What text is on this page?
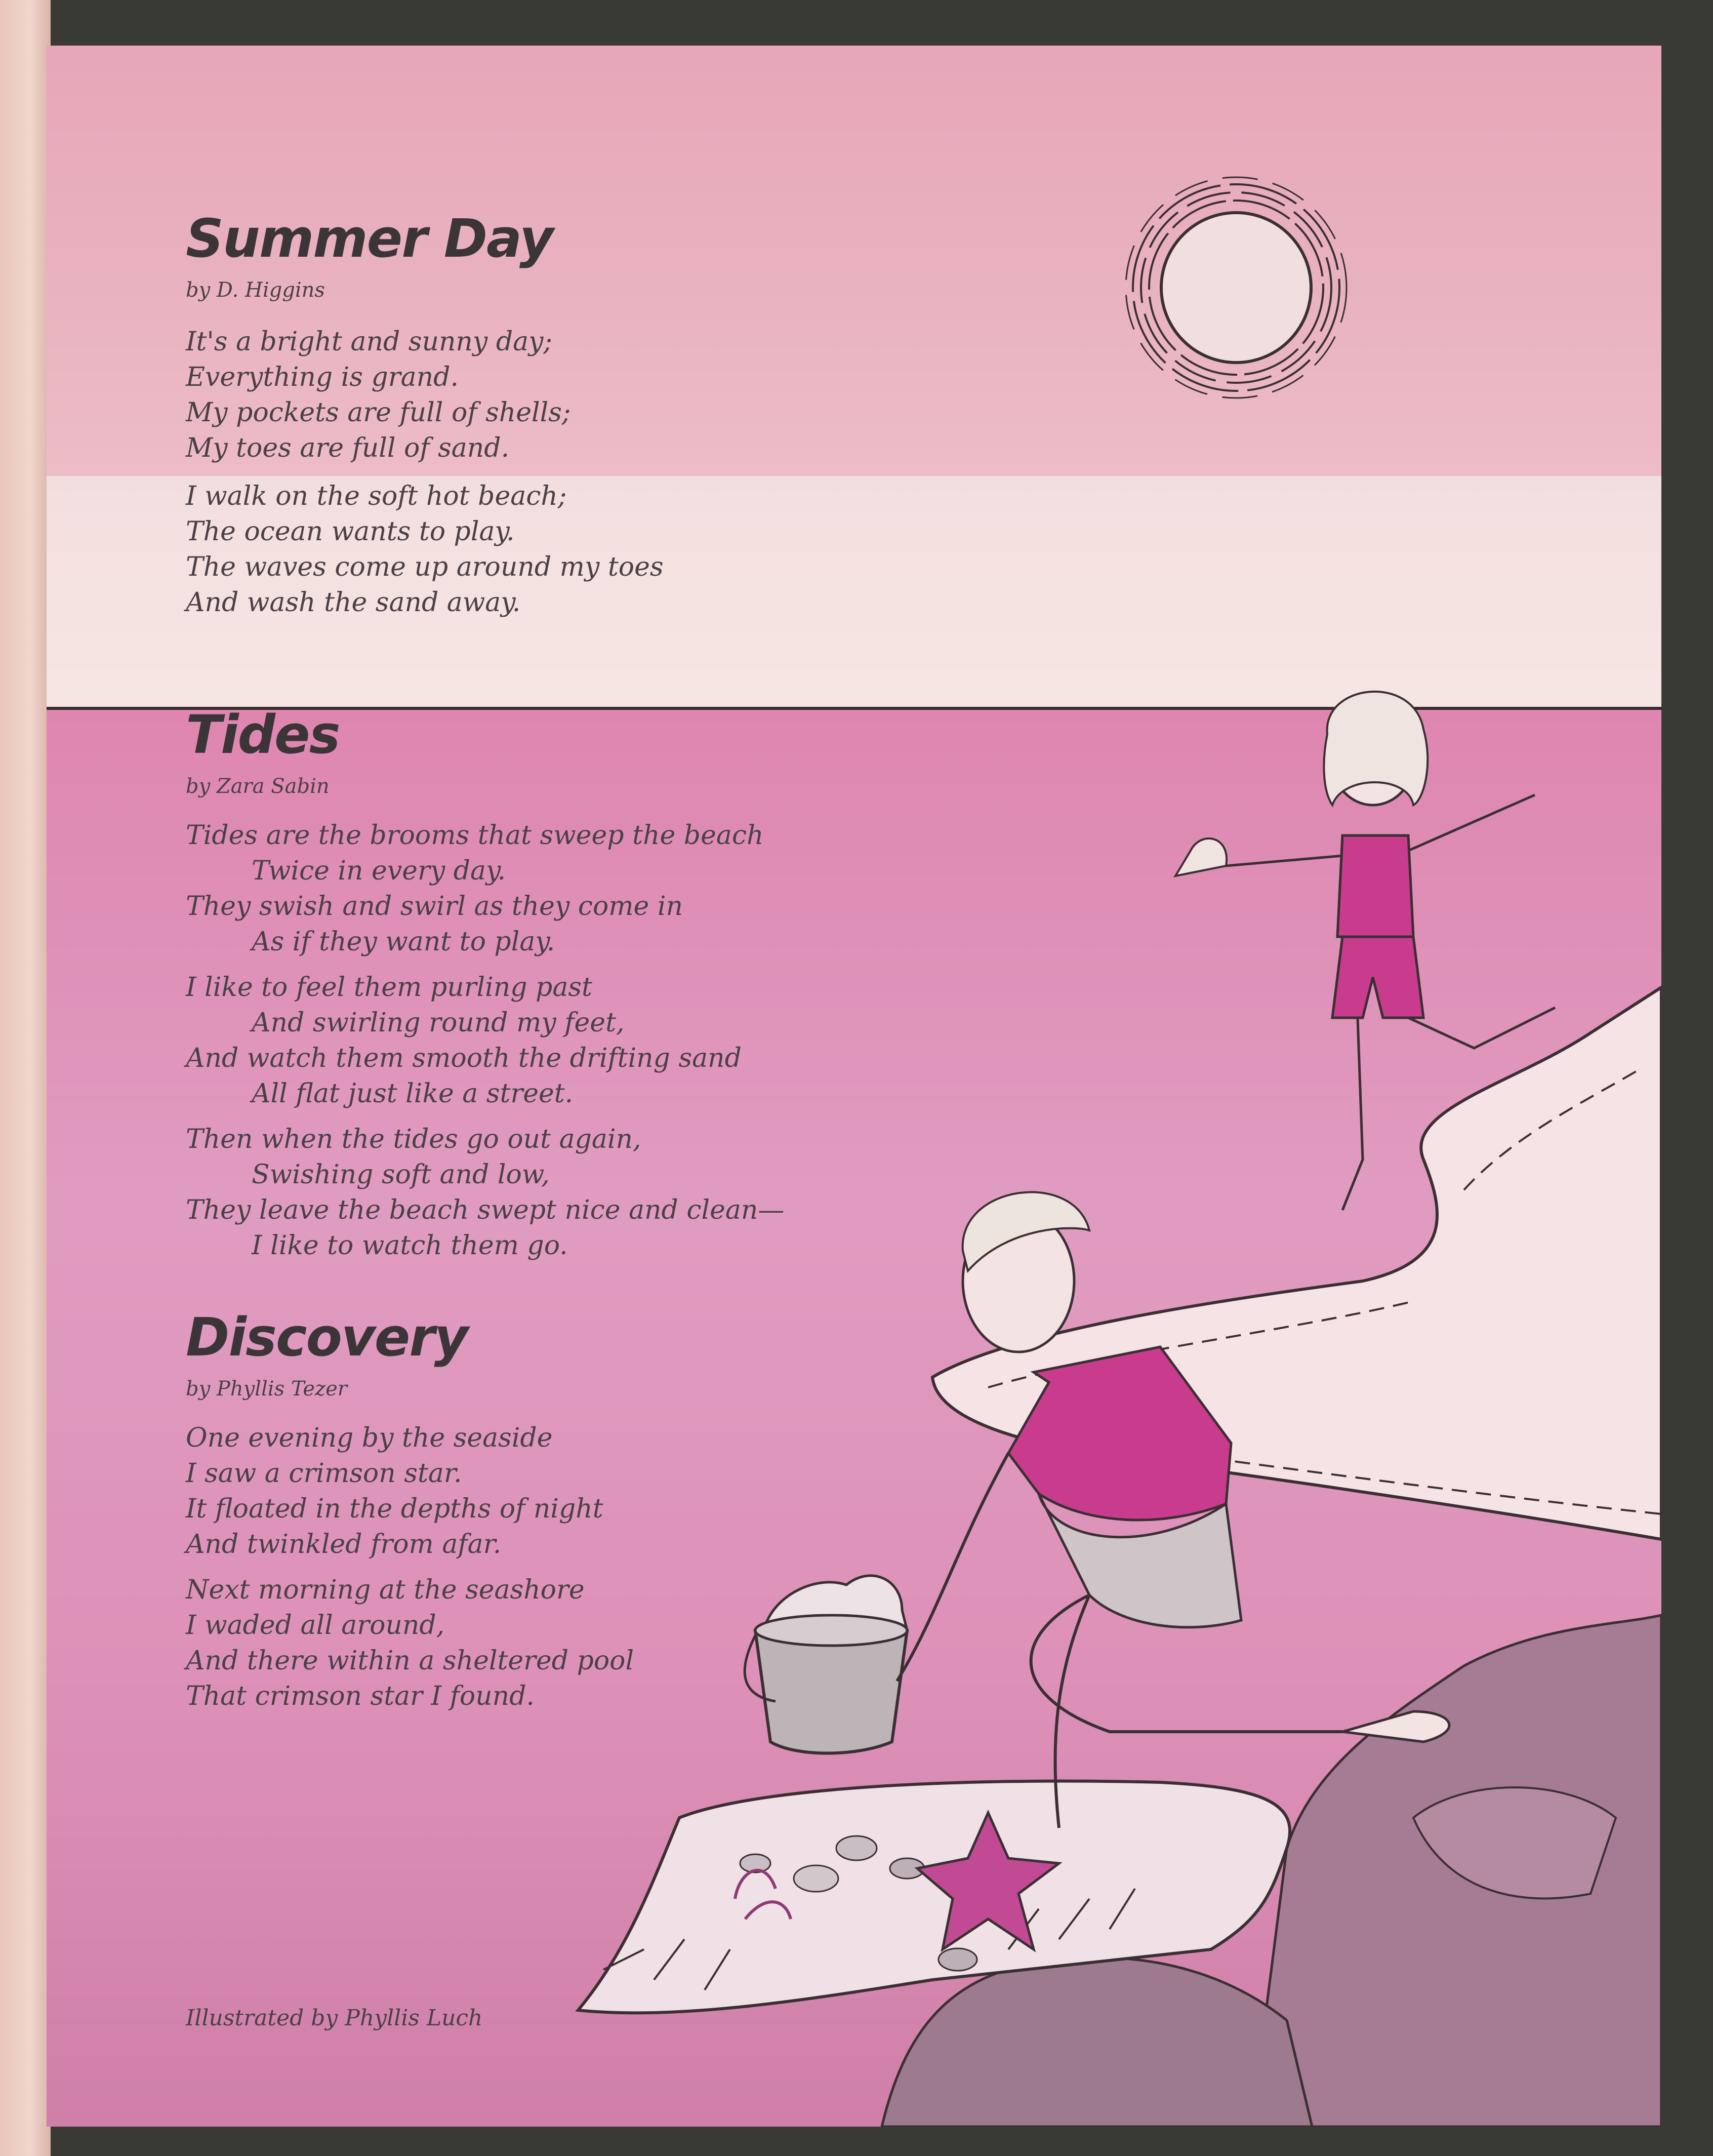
Summer Day

by D. Higgins

It's a bright and sunny day;
Everything is grand.
My pockets are full of shells;
My toes are full of sand.
I walk on the soft hot beach;
The ocean wants to play.
The waves come up around my toes
And wash the sand away.
Tides

by Zara Sabin

Tides are the brooms that sweep the beach
Twice in every day.
They swish and swirl as they come in
As if they want to play.
I like to feel them purling past
And swirling round my feet,
And watch them smooth the drifting sand
All flat just like a street.
Then when the tides go out again,
Swishing soft and low,
They leave the beach swept nice and clean—
I like to watch them go.
Discovery

by Phyllis Tezer

One evening by the seaside
I saw a crimson star.
It floated in the depths of night
And twinkled from afar.
Next morning at the seashore
I waded all around,
And there within a sheltered pool
That crimson star I found.

Illustrated by Phyllis Luch
